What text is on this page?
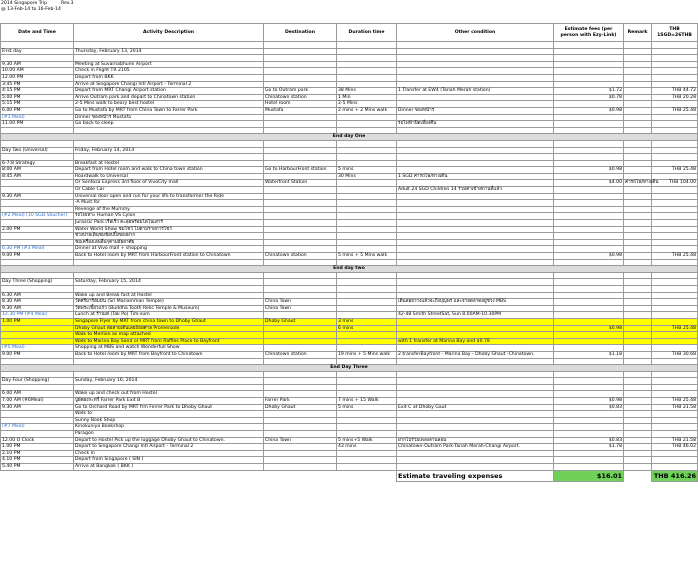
2014 Singapore Trip
@ 13-Feb-14 to 16-Feb-14
Rev.3
Date and Time	Activity Description	Destination	Duration time	Other condition	Estimate fees (per person with Ezy-Link)	Remark	THB 1SGD=26THB

First day	Thursday, February 13, 2014						

9.30 AM	Meeting at Suvarnabhumi Airport						
10.00 AM	Check in Flight TR 2105						
12.00 PM	Depart from BKK						
3:45 PM	Arrive at Singapore Changi Intl Airport - Terminal 2						
4:15 PM	Depart from MRT Changi Airport station	Go to Outram park	38 Mins	1 Transfer at EW4 (Tanah Merah station)	$1.72		THB 44.72
5:00 PM	Arrive Outram park and depart to Chinatown station	Chinatown station	1 Min		$0.78		THB 20.28
5:15 PM	2-5 Mins walk to beary best hostel	Hotel room	2-5 Mins				
6.00 PM	Go to Mustafa by MRT from China Town to Farrer Park	Mustafa	2 mins + 2 Mins walk	Dinner ของหน้าร	$0.98		THB 25.48
(#1 Meal)	Dinner ของหน้าร Mustafa						
11.00 PM	Go back to sleep			รถไฟฟ้าปิดเที่ยงคืน			

End day One							

Day Two (Universal)	Friday, February 14, 2014						

6-7:8 Strategy	Breakfast at Hostel						
8:00 AM	Depart from Hotel room and walk to China town station	Go to HarbourFront station	5 mins		$0.98		THB 25.48
8:45 AM	Roardwalk to Universal		30 Mins	1 SGD ค่ารถไฟ/ทางเดิน			
	Or Sentosa Express 3rd floor of VivoCity mall	Waterfront Station			$4.00	ค่ารถไฟ/ทางเดิน	THB 104.00
	Or Cable Car			Adult 24 SGD Children 14 รวมค่าเข้าสถานที่แล้ว			
9.30 AM	Universal door open and run for your life to transformer the Ride						
	-A Must for						
	Revenge of the Mummy						
(#2 Meal) (10 SGD Voucher)	รถไฟเหาะ Human VS Cylon						
	Jurassic Park เรือเร็ว ตะลุยพร้อมไดโนเสาร์						
2.00 PM	Water World Show ชมโชว์ ไปตามรายการโชว์						
	ช่วงบ่ายเดินชมช้อปปิ้งของฝาก						
	ชมเครื่องเล่นอื่นๆตามอัธยาศัย						
6.30 PM (#3 Meal)	Dinner at Vivo mall + shopping						
9.00 PM	Back to Hotel room by MRT from HarbourFront station to Chinatown	Chinatown station	5 mins + 5 Mins walk		$0.98		THB 25.48

End day two							

Day Three (Shopping)	Saturday, February 15, 2014						

6.30 AM	Wake up and Break fast at Hostel						
8.30 AM	วัดศรีมาริอัมมัน (Sri Mariamman Temple)	China Town		เดินสอยวางแล้วจะถึงบุญพร และจ่ายตลาดอยู่ช่วง MBS			
9.30 AM	วัดพระเขี้ยวแก้ว (Buddha Tooth Relic Temple & Museum)	China Town					
12.30 PM (#4 Meal)	Lunch at ร้านเต๋ (Tak Po) Tim-sum			42-48 Smith StreetSat, Sun 8.00AM-10.30PM			
1.00 PM	Singapore Flyer by MRT from china town to Dhoby Ghaut	Dhoby Ghaut	3 mins				
	Dhoby Ghaut ต่อสายเดินเลยถ้อยศาล Promenade		6 mins		$0.98		THB 25.48
	Walk to Merlion as map attached						
	Walk to Marina Bay Sand or MRT from Raffles Place to Bayfront			with 1 transfer at Marina Bay and $0.78			
(#5 Meal)	Shopping at MBS and watch Wonderfull Show						
9.00 PM	Back to Hotel room by MRT from Bayfront to Chinatown	Chinatown station	19 mins + 5 Mins walk	2 transferBayfront - Marina Bay - Dhoby Ghaut -Chinatown.	$1.18		THB 30.68

End Day Three							

Day Four (Shopping)	Sunday, February 16, 2014						

6.00 AM	Wake up and check out from Hostel						
7.00 AM (#6Meal)	ปูผัดผงกะหรี่ Farrer Park Exit B	Farrer Park	7 mins + 15 Walk		$0.98		THB 25.48
9.30 AM	Go to Orchard Road by MRT frm Ferrer Park to Dhoby Ghaut	Dhoby Ghaut	5 mins	Exit C at Dhoby Gaut	$0.83		THB 21.58
	Walk to						
	Sunny Book Shop						
(#7 Meal)	Kinokuniya Bookshop						
	Paragon						
12.00 O Clock	Depart to Hostel Pick up the luggage Dhoby Ghaut to Chinatown.	China Town	5 mins+5 Walk	ฝากไปร่วมเพลงลานลอน	$0.83		THB 21.58
1.00 PM	Depart to Singapore Changi Intl Airport - Terminal 2		43 mins	Chinatown-Outram Park-Tanah Merah-Changi Airport.	$1.78		THB 46.02
2.10 PM	Check in						
4.10 PM	Depart from Singapore ( SIN )						
5.40 PM	Arrive at Bangkok ( BKK )						
				Estimate traveling expenses	$16.01		THB 416.26
